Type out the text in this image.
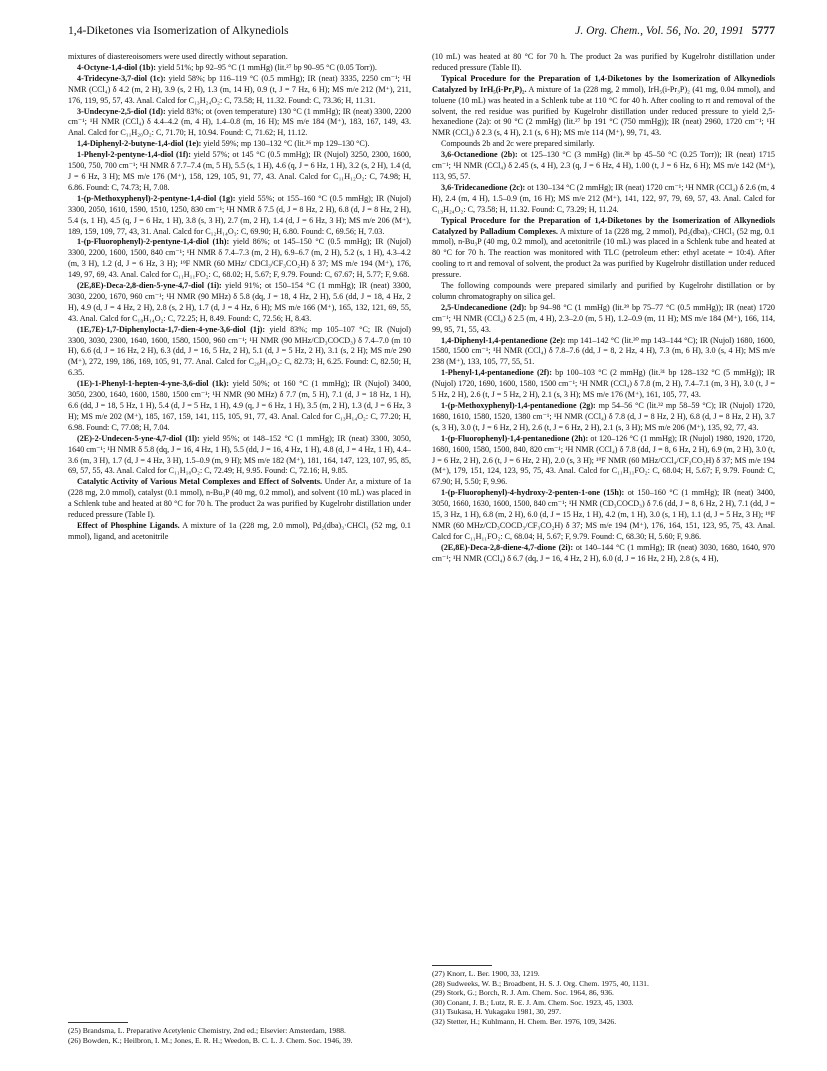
1,4-Diketones via Isomerization of Alkynediols	J. Org. Chem., Vol. 56, No. 20, 1991 5777

mixtures of diastereoisomers were used directly without separation.

4-Octyne-1,4-diol (1b): yield 51%; bp 92–95 °C (1 mmHg) (lit.²⁷ bp 90–95 °C (0.05 Torr)).

4-Tridecyne-3,7-diol (1c): yield 58%; bp 116–119 °C (0.5 mmHg); IR (neat) 3335, 2250 cm⁻¹; ¹H NMR (CCl₄) δ 4.2 (m, 2 H), 3.9 (s, 2 H), 1.3 (m, 14 H), 0.9 (t, J = 7 Hz, 6 H); MS m/e 212 (M⁺), 211, 176, 119, 95, 57, 43. Anal. Calcd for C₁₃H₂₄O₂: C, 73.58; H, 11.32. Found: C, 73.36; H, 11.31.

3-Undecyne-2,5-diol (1d): yield 83%; ot (oven temperature) 130 °C (1 mmHg); IR (neat) 3300, 2200 cm⁻¹; ¹H NMR (CCl₄) δ 4.4–4.2 (m, 4 H), 1.4–0.8 (m, 16 H); MS m/e 184 (M⁺), 183, 167, 149, 43. Anal. Calcd for C₁₁H₂₀O₂: C, 71.70; H, 10.94. Found: C, 71.62; H, 11.12.

1,4-Diphenyl-2-butyne-1,4-diol (1e): yield 59%; mp 130–132 °C (lit.²⁶ mp 129–130 °C).

1-Phenyl-2-pentyne-1,4-diol (1f): yield 57%; ot 145 °C (0.5 mmHg); IR (Nujol) 3250, 2300, 1600, 1500, 750, 700 cm⁻¹; ¹H NMR δ 7.7–7.4 (m, 5 H), 5.5 (s, 1 H), 4.6 (q, J = 6 Hz, 1 H), 3.2 (s, 2 H), 1.4 (d, J = 6 Hz, 3 H); MS m/e 176 (M⁺), 158, 129, 105, 91, 77, 43. Anal. Calcd for C₁₁H₁₂O₂: C, 74.98; H, 6.86. Found: C, 74.73; H, 7.08.

1-(p-Methoxyphenyl)-2-pentyne-1,4-diol (1g): yield 55%; ot 155–160 °C (0.5 mmHg); IR (Nujol) 3300, 2050, 1610, 1590, 1510, 1250, 830 cm⁻¹; ¹H NMR δ 7.5 (d, J = 8 Hz, 2 H), 6.8 (d, J = 8 Hz, 2 H), 5.4 (s, 1 H), 4.5 (q, J = 6 Hz, 1 H), 3.8 (s, 3 H), 2.7 (m, 2 H), 1.4 (d, J = 6 Hz, 3 H); MS m/e 206 (M⁺), 189, 159, 109, 77, 43, 31. Anal. Calcd for C₁₂H₁₄O₃: C, 69.90; H, 6.80. Found: C, 69.56; H, 7.03.

1-(p-Fluorophenyl)-2-pentyne-1,4-diol (1h): yield 86%; ot 145–150 °C (0.5 mmHg); IR (Nujol) 3300, 2200, 1600, 1500, 840 cm⁻¹; ¹H NMR δ 7.4–7.3 (m, 2 H), 6.9–6.7 (m, 2 H), 5.2 (s, 1 H), 4.3–4.2 (m, 3 H), 1.2 (d, J = 6 Hz, 3 H); ¹⁹F NMR (60 MHz/ CDCl₃/CF₃CO₂H) δ 37; MS m/e 194 (M⁺), 176, 149, 97, 69, 43. Anal. Calcd for C₁₁H₁₁FO₂: C, 68.02; H, 5.67; F, 9.79. Found: C, 67.67; H, 5.77; F, 9.68.

(2E,8E)-Deca-2,8-dien-5-yne-4,7-diol (1i): yield 91%; ot 150–154 °C (1 mmHg); IR (neat) 3300, 3030, 2200, 1670, 960 cm⁻¹; ¹H NMR (90 MHz) δ 5.8 (dq, J = 18, 4 Hz, 2 H), 5.6 (dd, J = 18, 4 Hz, 2 H), 4.9 (d, J = 4 Hz, 2 H), 2.8 (s, 2 H), 1.7 (d, J = 4 Hz, 6 H); MS m/e 166 (M⁺), 165, 132, 121, 69, 55, 43. Anal. Calcd for C₁₀H₁₄O₂: C, 72.25; H, 8.49. Found: C, 72.56; H, 8.43.

(1E,7E)-1,7-Diphenylocta-1,7-dien-4-yne-3,6-diol (1j): yield 83%; mp 105–107 °C; IR (Nujol) 3300, 3030, 2300, 1640, 1600, 1580, 1500, 960 cm⁻¹; ¹H NMR (90 MHz/CD₃COCD₃) δ 7.4–7.0 (m 10 H), 6.6 (d, J = 16 Hz, 2 H), 6.3 (dd, J = 16, 5 Hz, 2 H), 5.1 (d, J = 5 Hz, 2 H), 3.1 (s, 2 H); MS m/e 290 (M⁺), 272, 199, 186, 169, 105, 91, 77. Anal. Calcd for C₂₀H₁₈O₂: C, 82.73; H, 6.25. Found: C, 82.50; H, 6.35.

(1E)-1-Phenyl-1-hepten-4-yne-3,6-diol (1k): yield 50%; ot 160 °C (1 mmHg); IR (Nujol) 3400, 3050, 2300, 1640, 1600, 1580, 1500 cm⁻¹; ¹H NMR (90 MHz) δ 7.7 (m, 5 H), 7.1 (d, J = 18 Hz, 1 H), 6.6 (dd, J = 18, 5 Hz, 1 H), 5.4 (d, J = 5 Hz, 1 H), 4.9 (q, J = 6 Hz, 1 H), 3.5 (m, 2 H), 1.3 (d, J = 6 Hz, 3 H); MS m/e 202 (M⁺), 185, 167, 159, 141, 115, 105, 91, 77, 43. Anal. Calcd for C₁₃H₁₄O₂: C, 77.20; H, 6.98. Found: C, 77.08; H, 7.04.

(2E)-2-Undecen-5-yne-4,7-diol (1l): yield 95%; ot 148–152 °C (1 mmHg); IR (neat) 3300, 3050, 1640 cm⁻¹; ¹H NMR δ 5.8 (dq, J = 16, 4 Hz, 1 H), 5.5 (dd, J = 16, 4 Hz, 1 H), 4.8 (d, J = 4 Hz, 1 H), 4.4–3.6 (m, 3 H), 1.7 (d, J = 4 Hz, 3 H), 1.5–0.9 (m, 9 H); MS m/e 182 (M⁺), 181, 164, 147, 123, 107, 95, 85, 69, 57, 55, 43. Anal. Calcd for C₁₁H₁₈O₂: C, 72.49; H, 9.95. Found: C, 72.16; H, 9.85.

Catalytic Activity of Various Metal Complexes and Effect of Solvents. Under Ar, a mixture of 1a (228 mg, 2.0 mmol), catalyst (0.1 mmol), n-Bu₃P (40 mg, 0.2 mmol), and solvent (10 mL) was placed in a Schlenk tube and heated at 80 °C for 70 h. The product 2a was purified by Kugelrohr distillation under reduced pressure (Table I).

Effect of Phosphine Ligands. A mixture of 1a (228 mg, 2.0 mmol), Pd₂(dba)₃·CHCl₃ (52 mg, 0.1 mmol), ligand, and acetonitrile

(10 mL) was heated at 80 °C for 70 h. The product 2a was purified by Kugelrohr distillation under reduced pressure (Table II).

Typical Procedure for the Preparation of 1,4-Diketones by the Isomerization of Alkynediols Catalyzed by IrH₅(i-Pr₃P)₂. A mixture of 1a (228 mg, 2 mmol), IrH₅(i-Pr₃P)₂ (41 mg, 0.04 mmol), and toluene (10 mL) was heated in a Schlenk tube at 110 °C for 40 h. After cooling to rt and removal of the solvent, the red residue was purified by Kugelrohr distillation under reduced pressure to yield 2,5-hexanedione (2a): ot 90 °C (2 mmHg) (lit.²⁷ bp 191 °C (750 mmHg)); IR (neat) 2960, 1720 cm⁻¹; ¹H NMR (CCl₄) δ 2.3 (s, 4 H), 2.1 (s, 6 H); MS m/e 114 (M⁺), 99, 71, 43.

Compounds 2b and 2c were prepared similarly.

3,6-Octanedione (2b): ot 125–130 °C (3 mmHg) (lit.²⁸ bp 45–50 °C (0.25 Torr)); IR (neat) 1715 cm⁻¹; ¹H NMR (CCl₄) δ 2.45 (s, 4 H), 2.3 (q, J = 6 Hz, 4 H), 1.00 (t, J = 6 Hz, 6 H); MS m/e 142 (M⁺), 113, 95, 57.

3,6-Tridecanedione (2c): ot 130–134 °C (2 mmHg); IR (neat) 1720 cm⁻¹; ¹H NMR (CCl₄) δ 2.6 (m, 4 H), 2.4 (m, 4 H), 1.5–0.9 (m, 16 H); MS m/e 212 (M⁺), 141, 122, 97, 79, 69, 57, 43. Anal. Calcd for C₁₃H₂₄O₂: C, 73.58; H, 11.32. Found: C, 73.29; H, 11.24.

Typical Procedure for the Preparation of 1,4-Diketones by the Isomerization of Alkynediols Catalyzed by Palladium Complexes. A mixture of 1a (228 mg, 2 mmol), Pd₂(dba)₃·CHCl₃ (52 mg, 0.1 mmol), n-Bu₃P (40 mg, 0.2 mmol), and acetonitrile (10 mL) was placed in a Schlenk tube and heated at 80 °C for 70 h. The reaction was monitored with TLC (petroleum ether: ethyl acetate = 10:4). After cooling to rt and removal of solvent, the product 2a was purified by Kugelrohr distillation under reduced pressure.

The following compounds were prepared similarly and purified by Kugelrohr distillation or by column chromatography on silica gel.

2,5-Undecanedione (2d): bp 94–98 °C (1 mmHg) (lit.²⁹ bp 75–77 °C (0.5 mmHg)); IR (neat) 1720 cm⁻¹; ¹H NMR (CCl₄) δ 2.5 (m, 4 H), 2.3–2.0 (m, 5 H), 1.2–0.9 (m, 11 H); MS m/e 184 (M⁺), 166, 114, 99, 95, 71, 55, 43.

1,4-Diphenyl-1,4-pentanedione (2e): mp 141–142 °C (lit.³⁰ mp 143–144 °C); IR (Nujol) 1680, 1600, 1580, 1500 cm⁻¹; ¹H NMR (CCl₄) δ 7.8–7.6 (dd, J = 8, 2 Hz, 4 H), 7.3 (m, 6 H), 3.0 (s, 4 H); MS m/e 238 (M⁺), 133, 105, 77, 55, 51.

1-Phenyl-1,4-pentanedione (2f): bp 100–103 °C (2 mmHg) (lit.³¹ bp 128–132 °C (5 mmHg)); IR (Nujol) 1720, 1690, 1600, 1580, 1500 cm⁻¹; ¹H NMR (CCl₄) δ 7.8 (m, 2 H), 7.4–7.1 (m, 3 H), 3.0 (t, J = 5 Hz, 2 H), 2.6 (t, J = 5 Hz, 2 H), 2.1 (s, 3 H); MS m/e 176 (M⁺), 161, 105, 77, 43.

1-(p-Methoxyphenyl)-1,4-pentanedione (2g): mp 54–56 °C (lit.³² mp 58–59 °C); IR (Nujol) 1720, 1680, 1610, 1580, 1520, 1380 cm⁻¹; ¹H NMR (CCl₄) δ 7.8 (d, J = 8 Hz, 2 H), 6.8 (d, J = 8 Hz, 2 H), 3.7 (s, 3 H), 3.0 (t, J = 6 Hz, 2 H), 2.6 (t, J = 6 Hz, 2 H), 2.1 (s, 3 H); MS m/e 206 (M⁺), 135, 92, 77, 43.

1-(p-Fluorophenyl)-1,4-pentanedione (2h): ot 120–126 °C (1 mmHg); IR (Nujol) 1980, 1920, 1720, 1680, 1600, 1580, 1500, 840, 820 cm⁻¹; ¹H NMR (CCl₄) δ 7.8 (dd, J = 8, 6 Hz, 2 H), 6.9 (m, 2 H), 3.0 (t, J = 6 Hz, 2 H), 2.6 (t, J = 6 Hz, 2 H), 2.0 (s, 3 H); ¹⁹F NMR (60 MHz/CCl₄/CF₃CO₂H) δ 37; MS m/e 194 (M⁺), 179, 151, 124, 123, 95, 75, 43. Anal. Calcd for C₁₁H₁₁FO₂: C, 68.04; H, 5.67; F, 9.79. Found: C, 67.90; H, 5.50; F, 9.96.

1-(p-Fluorophenyl)-4-hydroxy-2-penten-1-one (15h): ot 150–160 °C (1 mmHg); IR (neat) 3400, 3050, 1660, 1630, 1600, 1500, 840 cm⁻¹; ¹H NMR (CD₃COCD₃) δ 7.6 (dd, J = 8, 6 Hz, 2 H), 7.1 (dd, J = 15, 3 Hz, 1 H), 6.8 (m, 2 H), 6.0 (d, J = 15 Hz, 1 H), 4.2 (m, 1 H), 3.0 (s, 1 H), 1.1 (d, J = 5 Hz, 3 H); ¹⁹F NMR (60 MHz/CD₃COCD₃/CF₃CO₂H) δ 37; MS m/e 194 (M⁺), 176, 164, 151, 123, 95, 75, 43. Anal. Calcd for C₁₁H₁₁FO₂: C, 68.04; H, 5.67; F, 9.79. Found: C, 68.30; H, 5.60; F, 9.86.

(2E,8E)-Deca-2,8-diene-4,7-dione (2i): ot 140–144 °C (1 mmHg); IR (neat) 3030, 1680, 1640, 970 cm⁻¹; ¹H NMR (CCl₄) δ 6.7 (dq, J = 16, 4 Hz, 2 H), 6.0 (d, J = 16 Hz, 2 H), 2.8 (s, 4 H),

(25) Brandsma, L. Preparative Acetylenic Chemistry, 2nd ed.; Elsevier: Amsterdam, 1988.

(26) Bowden, K.; Heilbron, I. M.; Jones, E. R. H.; Weedon, B. C. L. J. Chem. Soc. 1946, 39.

(27) Knorr, L. Ber. 1900, 33, 1219.

(28) Sudweeks, W. B.; Broadbent, H. S. J. Org. Chem. 1975, 40, 1131.

(29) Stork, G.; Borch, R. J. Am. Chem. Soc. 1964, 86, 936.

(30) Conant, J. B.; Lutz, R. E. J. Am. Chem. Soc. 1923, 45, 1303.

(31) Tsukasa, H. Yukagaku 1981, 30, 297.

(32) Stetter, H.; Kuhlmann, H. Chem. Ber. 1976, 109, 3426.
